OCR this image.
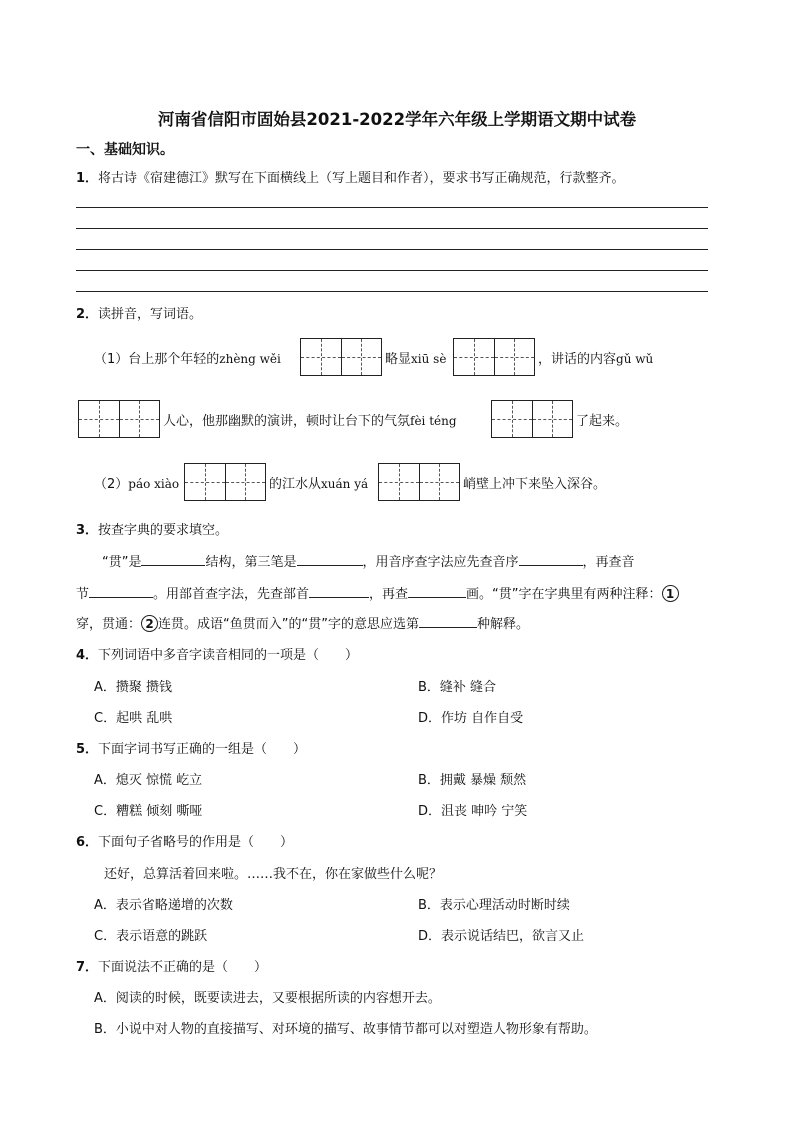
河南省信阳市固始县2021-2022学年六年级上学期语文期中试卷
一、基础知识。
1．将古诗《宿建德江》默写在下面横线上（写上题目和作者），要求书写正确规范，行款整齐。
2．读拼音，写词语。
（1）台上那个年轻的zhèng wěi	略显xiū sè	，讲话的内容gǔ wǔ
人心，他那幽默的演讲，顿时让台下的气氛fèi téng	了起来。
（2）páo xiào	的江水从xuán yá	峭壁上冲下来坠入深谷。
3．按查字典的要求填空。
“贯”是	结构，第三笔是	，用音序查字法应先查音序	，再查音
节	。用部首查字法，先查部首	，再查	画。“贯”字在字典里有两种注释： 1
穿，贯通： 2 连贯。成语“鱼贯而入”的“贯”字的意思应选第	种解释。
4．下列词语中多音字读音相同的一项是（　　）
A．攒聚 攒钱	B．缝补 缝合
C．起哄 乱哄	D．作坊 自作自受
5．下面字词书写正确的一组是（　　）
A．熄灭 惊慌 屹立	B．拥戴 暴燥 颓然
C．糟糕 倾刻 嘶哑	D．沮丧 呻吟 宁笑
6．下面句子省略号的作用是（　　）
还好，总算活着回来啦。……我不在，你在家做些什么呢？
A．表示省略递增的次数	B．表示心理活动时断时续
C．表示语意的跳跃	D．表示说话结巴，欲言又止
7．下面说法不正确的是（　　）
A．阅读的时候，既要读进去，又要根据所读的内容想开去。
B．小说中对人物的直接描写、对环境的描写、故事情节都可以对塑造人物形象有帮助。
